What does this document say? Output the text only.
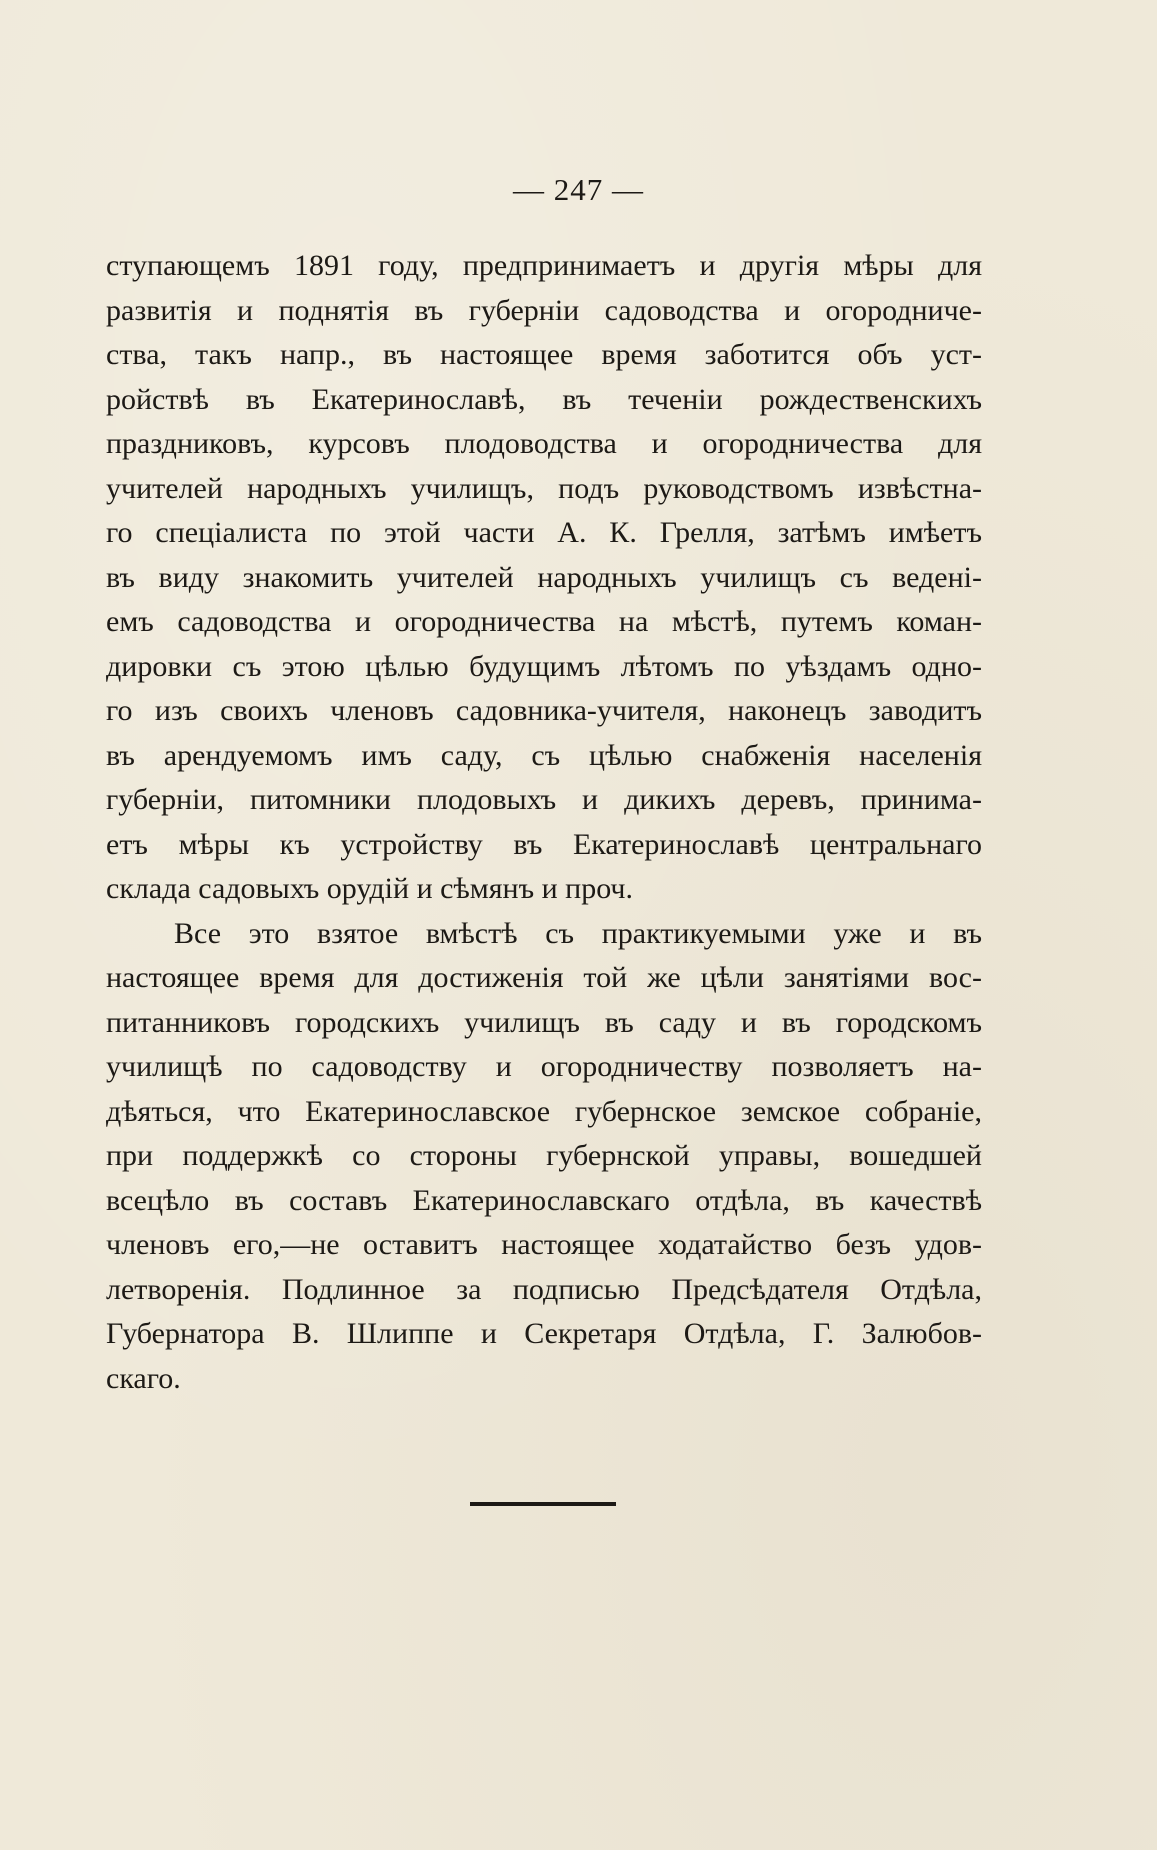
— 247 —
ступающемъ 1891 году, предпринимаетъ и другія мѣры для
развитія и поднятія въ губерніи садоводства и огородниче-
ства, такъ напр., въ настоящее время заботится объ уст-
ройствѣ въ Екатеринославѣ, въ теченіи рождественскихъ
праздниковъ, курсовъ плодоводства и огородничества для
учителей народныхъ училищъ, подъ руководствомъ извѣстна-
го спеціалиста по этой части А. К. Грелля, затѣмъ имѣетъ
въ виду знакомить учителей народныхъ училищъ съ ведені-
емъ садоводства и огородничества на мѣстѣ, путемъ коман-
дировки съ этою цѣлью будущимъ лѣтомъ по уѣздамъ одно-
го изъ своихъ членовъ садовника-учителя, наконецъ заводитъ
въ арендуемомъ имъ саду, съ цѣлью снабженія населенія
губерніи, питомники плодовыхъ и дикихъ деревъ, принима-
етъ мѣры къ устройству въ Екатеринославѣ центральнаго
склада садовыхъ орудій и сѣмянъ и проч.
Все это взятое вмѣстѣ съ практикуемыми уже и въ
настоящее время для достиженія той же цѣли занятіями вос-
питанниковъ городскихъ училищъ въ саду и въ городскомъ
училищѣ по садоводству и огородничеству позволяетъ на-
дѣяться, что Екатеринославское губернское земское собраніе,
при поддержкѣ со стороны губернской управы, вошедшей
всецѣло въ составъ Екатеринославскаго отдѣла, въ качествѣ
членовъ его,—не оставитъ настоящее ходатайство безъ удов-
летворенія. Подлинное за подписью Предсѣдателя Отдѣла,
Губернатора В. Шлиппе и Секретаря Отдѣла, Г. Залюбов-
скаго.
